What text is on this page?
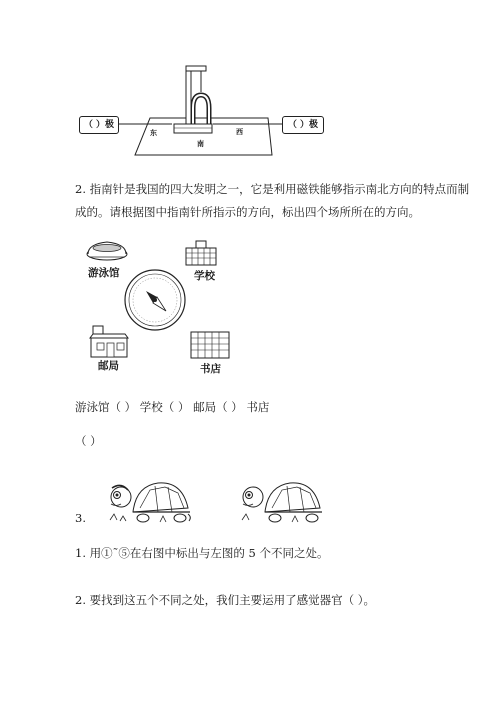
（ ）极	（ ）极
东
南
西
2. 指南针是我国的四大发明之一，它是利用磁铁能够指示南北方向的特点而制
成的。请根据图中指南针所指示的方向，标出四个场所所在的方向。
游泳馆	学校
邮局	书店
游泳馆（ ） 学校（ ） 邮局（ ） 书店
（ ）
3.
1. 用①˜⑤在右图中标出与左图的 5 个不同之处。
2. 要找到这五个不同之处，我们主要运用了感觉器官（ ）。
